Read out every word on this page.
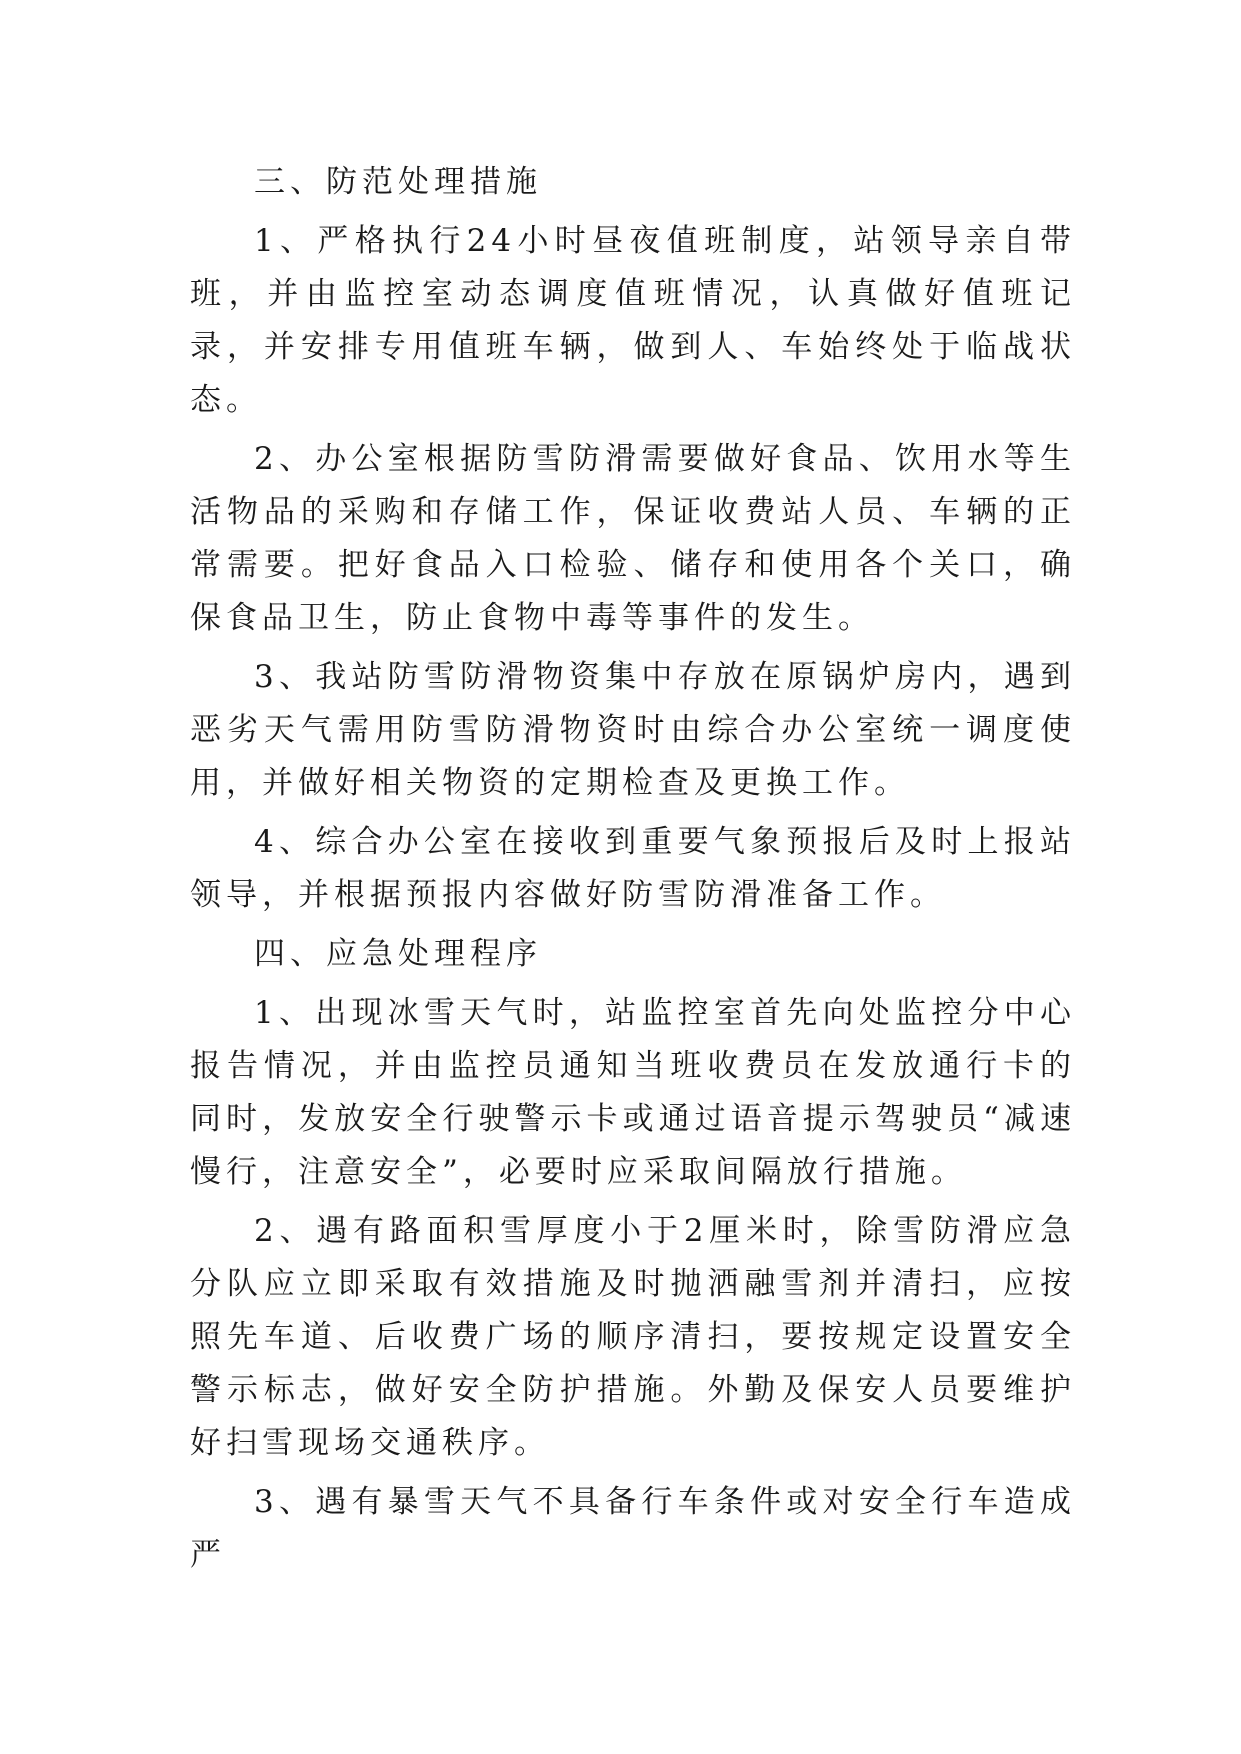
三、防范处理措施

1、严格执行24小时昼夜值班制度，站领导亲自带班，并由监控室动态调度值班情况，认真做好值班记录，并安排专用值班车辆，做到人、车始终处于临战状态。

2、办公室根据防雪防滑需要做好食品、饮用水等生活物品的采购和存储工作，保证收费站人员、车辆的正常需要。把好食品入口检验、储存和使用各个关口，确保食品卫生，防止食物中毒等事件的发生。

3、我站防雪防滑物资集中存放在原锅炉房内，遇到恶劣天气需用防雪防滑物资时由综合办公室统一调度使用，并做好相关物资的定期检查及更换工作。

4、综合办公室在接收到重要气象预报后及时上报站领导，并根据预报内容做好防雪防滑准备工作。

四、应急处理程序

1、出现冰雪天气时，站监控室首先向处监控分中心报告情况，并由监控员通知当班收费员在发放通行卡的同时，发放安全行驶警示卡或通过语音提示驾驶员“减速慢行，注意安全”，必要时应采取间隔放行措施。

2、遇有路面积雪厚度小于2厘米时，除雪防滑应急分队应立即采取有效措施及时抛洒融雪剂并清扫，应按照先车道、后收费广场的顺序清扫，要按规定设置安全警示标志，做好安全防护措施。外勤及保安人员要维护好扫雪现场交通秩序。

3、遇有暴雪天气不具备行车条件或对安全行车造成严
